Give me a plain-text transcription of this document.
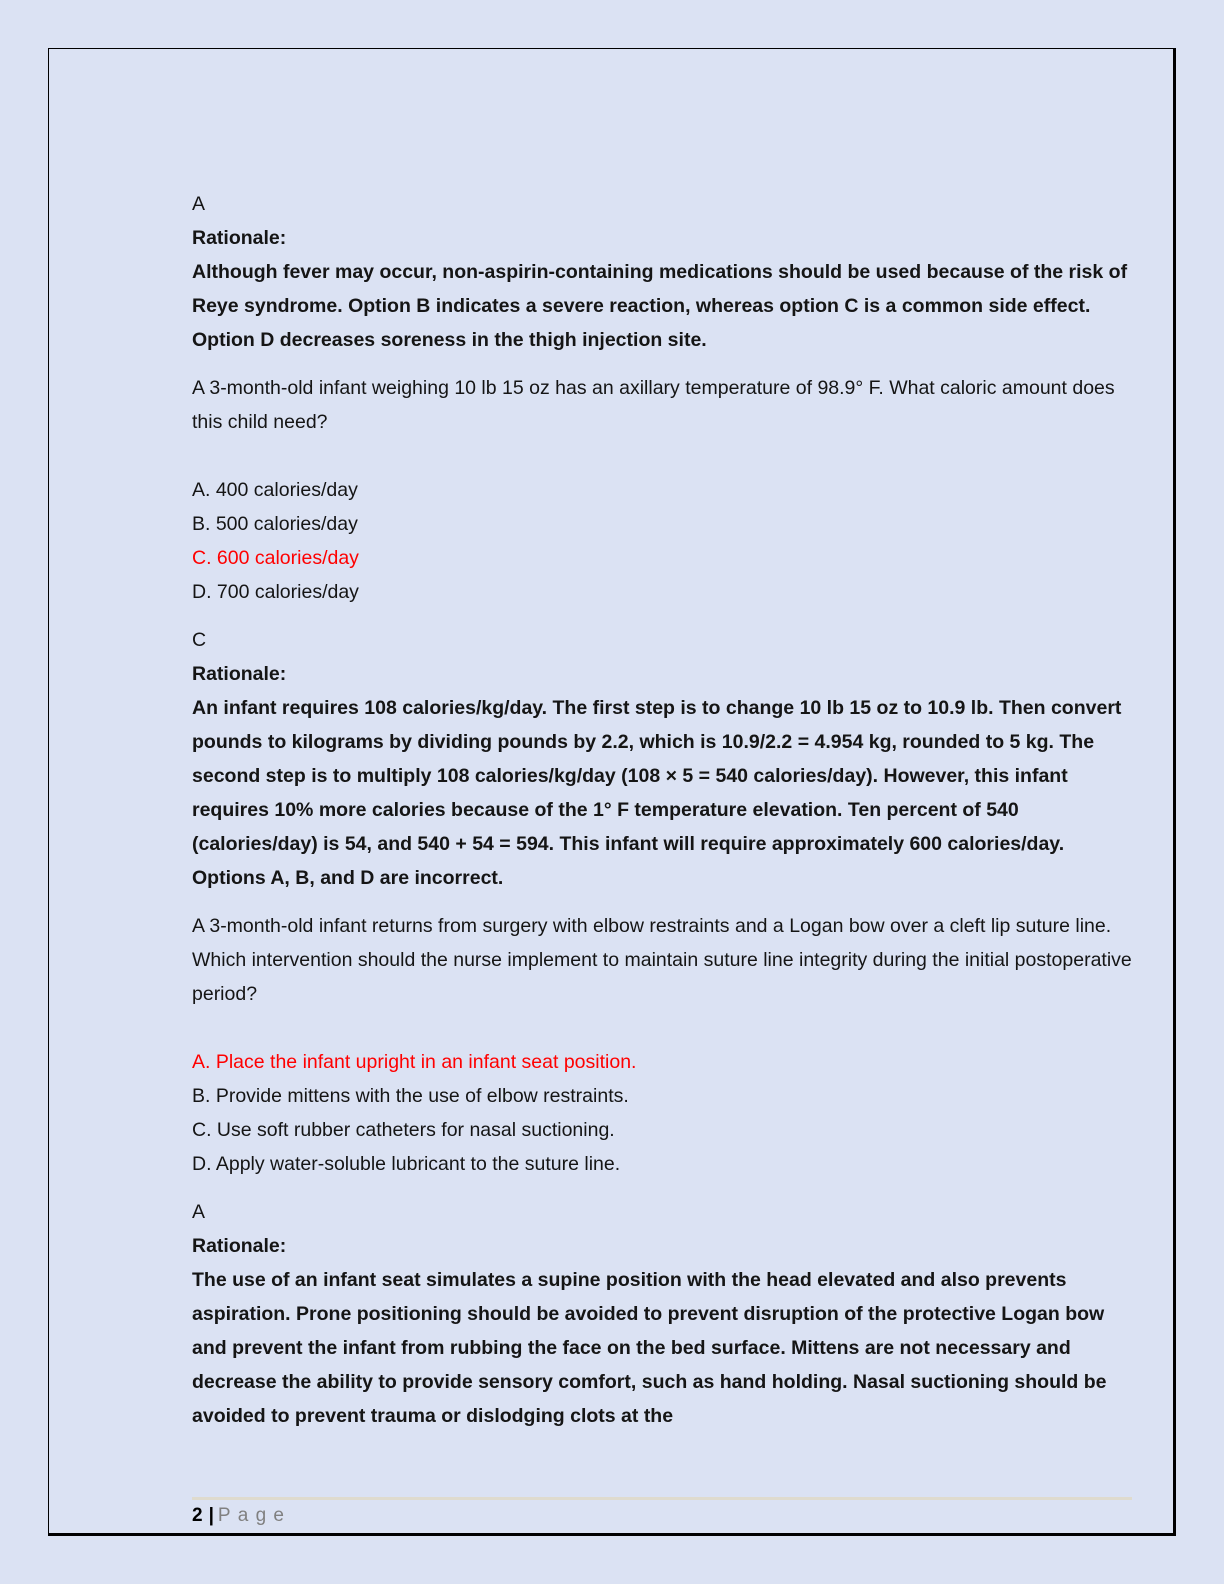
A
Rationale:
Although fever may occur, non-aspirin-containing medications should be used because of the risk of Reye syndrome. Option B indicates a severe reaction, whereas option C is a common side effect. Option D decreases soreness in the thigh injection site.
A 3-month-old infant weighing 10 lb 15 oz has an axillary temperature of 98.9° F. What caloric amount does this child need?
A. 400 calories/day
B. 500 calories/day
C. 600 calories/day
D. 700 calories/day
C
Rationale:
An infant requires 108 calories/kg/day. The first step is to change 10 lb 15 oz to 10.9 lb. Then convert pounds to kilograms by dividing pounds by 2.2, which is 10.9/2.2 = 4.954 kg, rounded to 5 kg. The second step is to multiply 108 calories/kg/day (108 × 5 = 540 calories/day). However, this infant requires 10% more calories because of the 1° F temperature elevation. Ten percent of 540 (calories/day) is 54, and 540 + 54 = 594. This infant will require approximately 600 calories/day. Options A, B, and D are incorrect.
A 3-month-old infant returns from surgery with elbow restraints and a Logan bow over a cleft lip suture line. Which intervention should the nurse implement to maintain suture line integrity during the initial postoperative period?
A. Place the infant upright in an infant seat position.
B. Provide mittens with the use of elbow restraints.
C. Use soft rubber catheters for nasal suctioning.
D. Apply water-soluble lubricant to the suture line.
A
Rationale:
The use of an infant seat simulates a supine position with the head elevated and also prevents aspiration. Prone positioning should be avoided to prevent disruption of the protective Logan bow and prevent the infant from rubbing the face on the bed surface. Mittens are not necessary and decrease the ability to provide sensory comfort, such as hand holding. Nasal suctioning should be avoided to prevent trauma or dislodging clots at the
2 | Page
